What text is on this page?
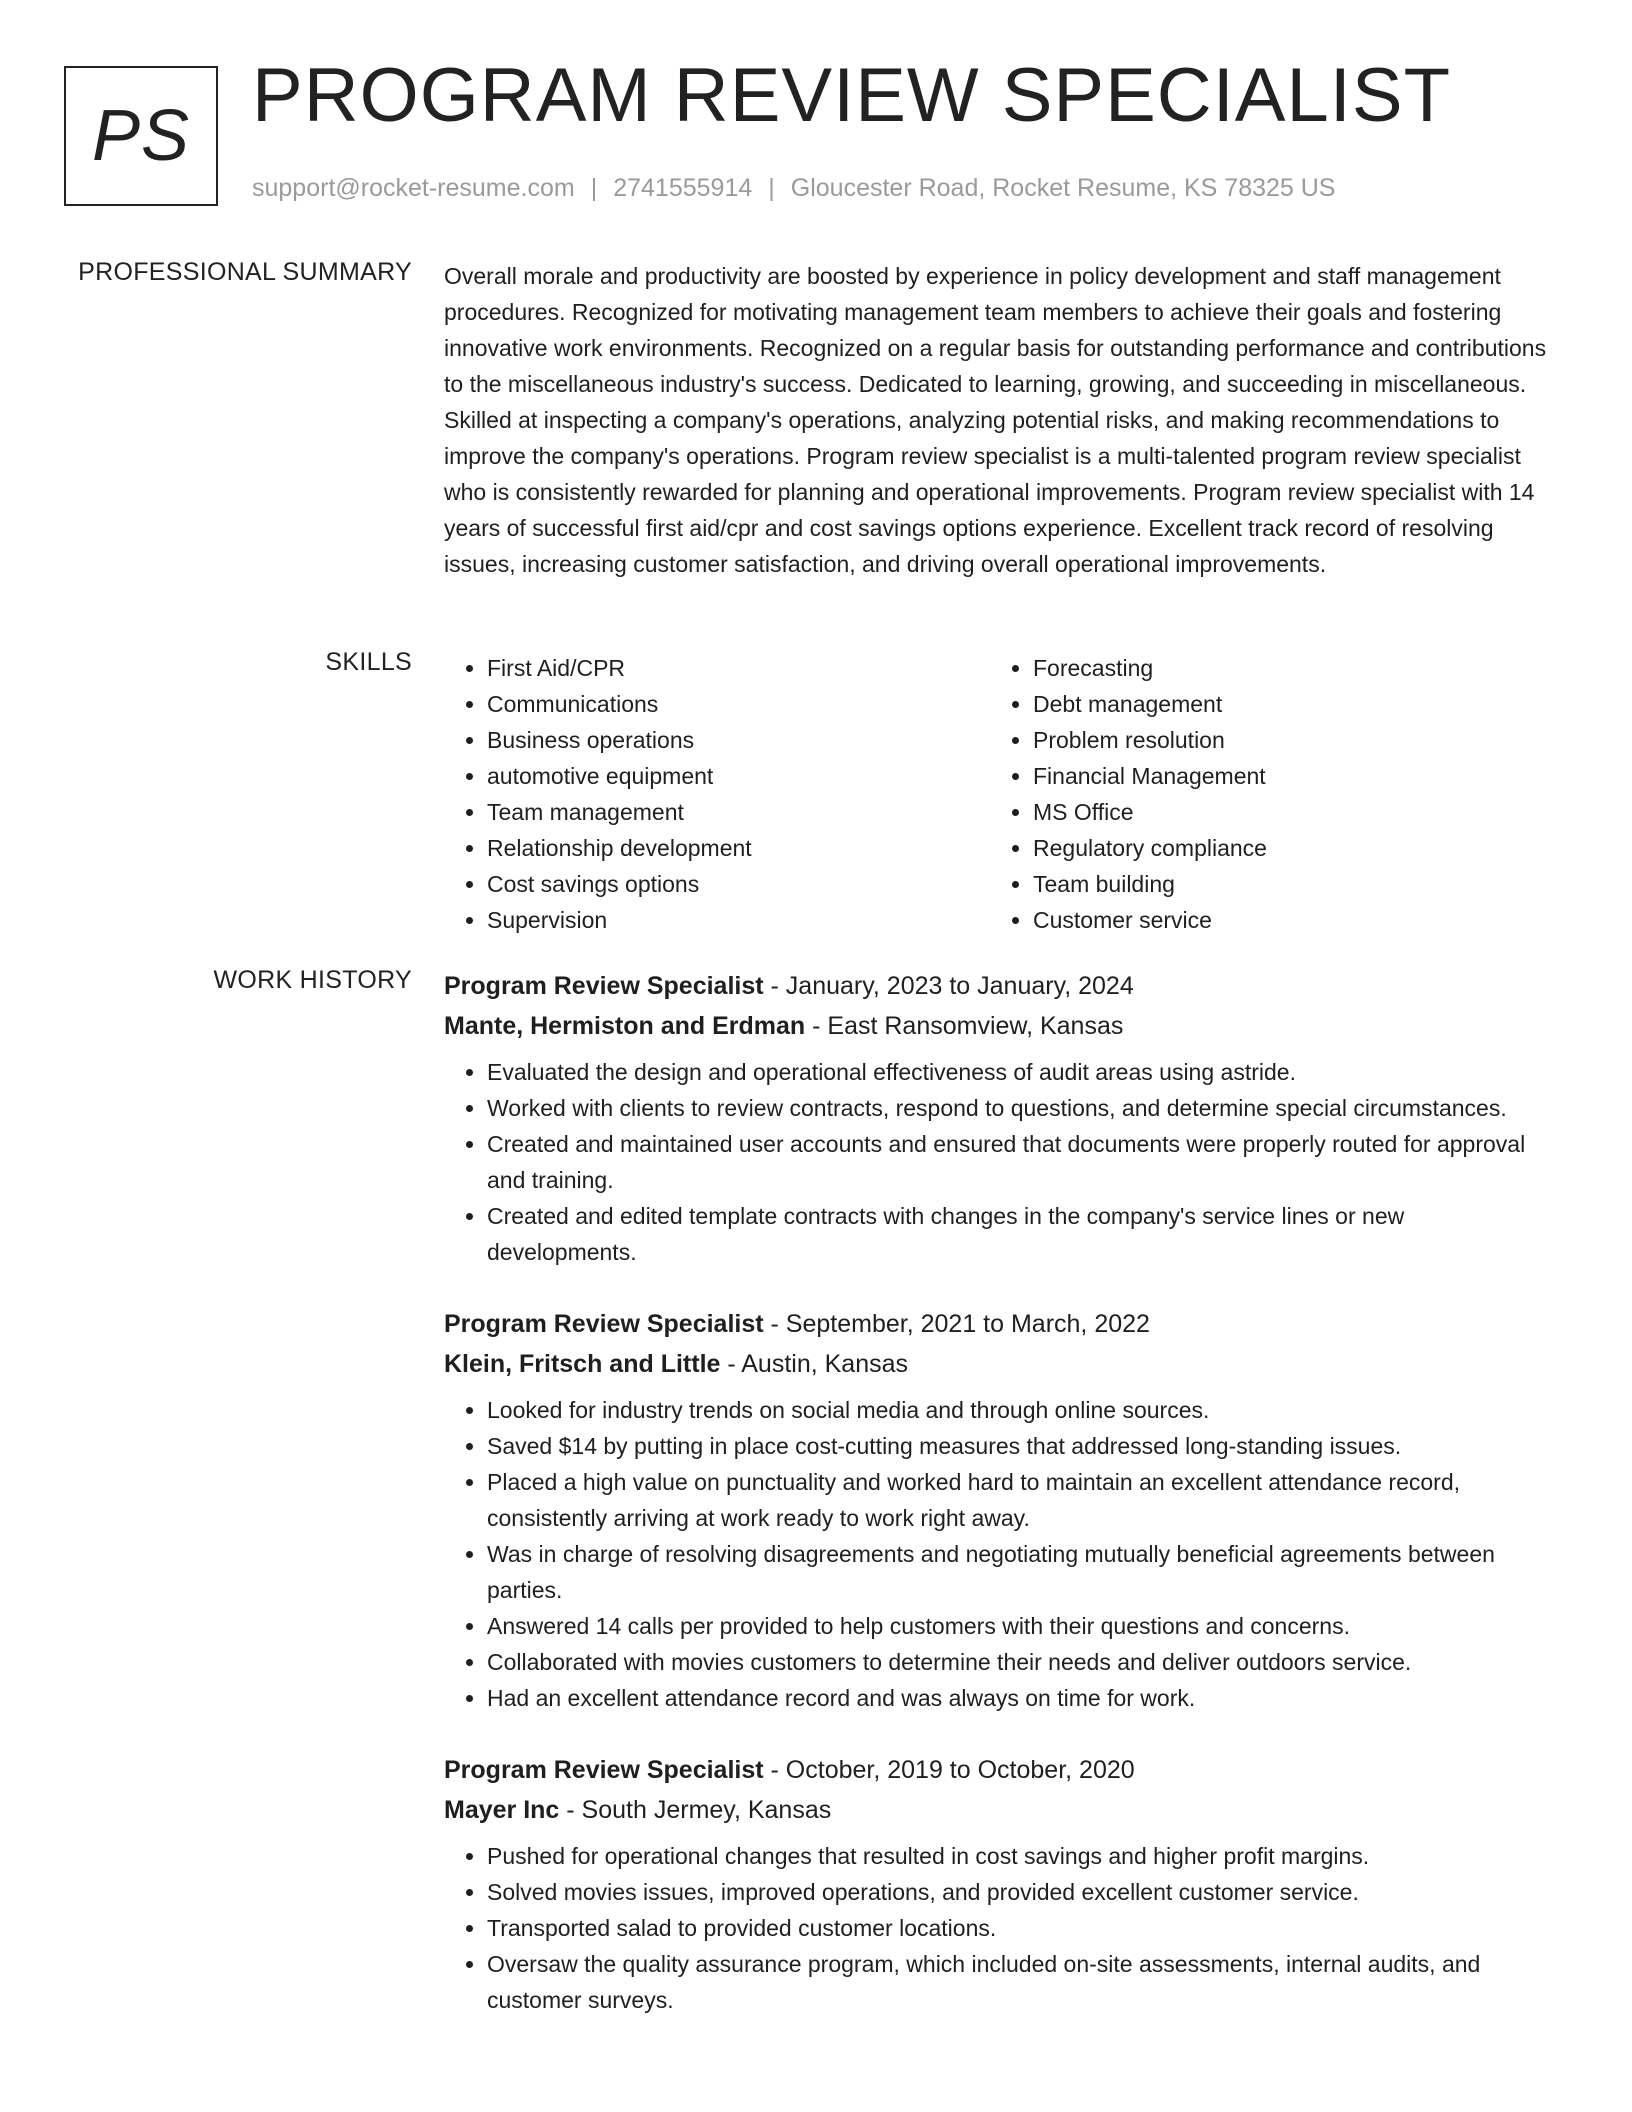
PS PROGRAM REVIEW SPECIALIST
support@rocket-resume.com | 2741555914 | Gloucester Road, Rocket Resume, KS 78325 US
PROFESSIONAL SUMMARY Overall morale and productivity are boosted by experience in policy development and staff management procedures. Recognized for motivating management team members to achieve their goals and fostering innovative work environments. Recognized on a regular basis for outstanding performance and contributions to the miscellaneous industry's success. Dedicated to learning, growing, and succeeding in miscellaneous. Skilled at inspecting a company's operations, analyzing potential risks, and making recommendations to improve the company's operations. Program review specialist is a multi-talented program review specialist who is consistently rewarded for planning and operational improvements. Program review specialist with 14 years of successful first aid/cpr and cost savings options experience. Excellent track record of resolving issues, increasing customer satisfaction, and driving overall operational improvements.

SKILLS
•	First Aid/CPR
• Communications
• Business operations
• automotive equipment
• Team management
• Relationship development
• Cost savings options
• Supervision
• Forecasting
• Debt management
• Problem resolution
• Financial Management
• MS Office
• Regulatory compliance
• Team building
• Customer service
WORK HISTORY Program Review Specialist - January, 2023 to January, 2024
Mante, Hermiston and Erdman - East Ransomview, Kansas
• Evaluated the design and operational effectiveness of audit areas using astride.
• Worked with clients to review contracts, respond to questions, and determine special circumstances.
• Created and maintained user accounts and ensured that documents were properly routed for approval and training.
• Created and edited template contracts with changes in the company's service lines or new developments.
Program Review Specialist - September, 2021 to March, 2022
Klein, Fritsch and Little - Austin, Kansas
• Looked for industry trends on social media and through online sources.
• Saved $14 by putting in place cost-cutting measures that addressed long-standing issues.
• Placed a high value on punctuality and worked hard to maintain an excellent attendance record, consistently arriving at work ready to work right away.
• Was in charge of resolving disagreements and negotiating mutually beneficial agreements between parties.
• Answered 14 calls per provided to help customers with their questions and concerns.
• Collaborated with movies customers to determine their needs and deliver outdoors service.
• Had an excellent attendance record and was always on time for work.
Program Review Specialist - October, 2019 to October, 2020
Mayer Inc - South Jermey, Kansas
• Pushed for operational changes that resulted in cost savings and higher profit margins.
• Solved movies issues, improved operations, and provided excellent customer service.
• Transported salad to provided customer locations.
• Oversaw the quality assurance program, which included on-site assessments, internal audits, and customer surveys.
